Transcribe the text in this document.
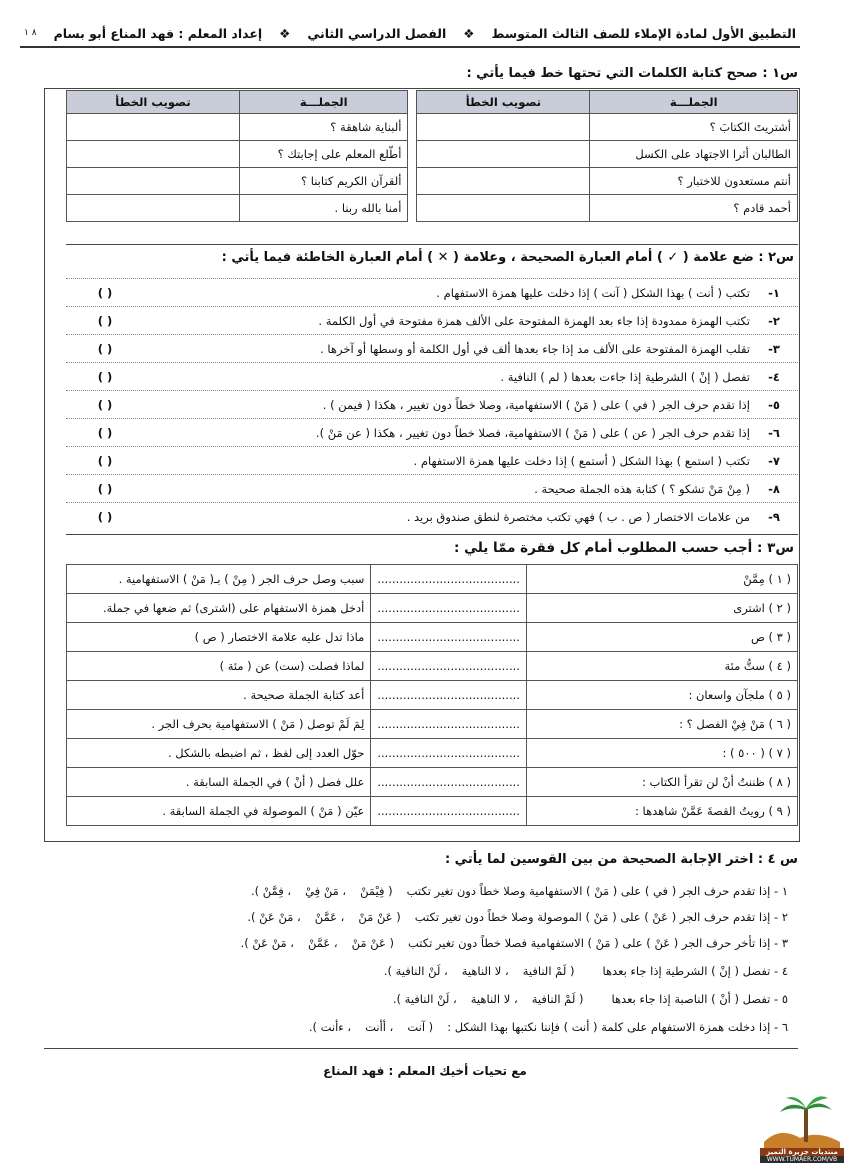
التطبيق الأول لمادة الإملاء للصف الثالث المتوسط
❖
الفصل الدراسي الثاني
❖
إعداد المعلم : فهد المناع أبو بسام
٨ ١
س١ : صحح كتابة الكلمات التي تحتها خط فيما يأتي :
الجملـــة	تصويب الخطأ		الجملـــة	تصويب الخطأ
أشتريتَ الكتابَ ؟			ألبناية شاهقة ؟	
الطالبان أثرا الاجتهاد على الكسل			أطّلع المعلم على إجابتك ؟	
أنتم مستعدون للاختبار ؟			ألقرآن الكريم كتابنا ؟	
أحمد قادم ؟			أمنا بالله ربنا .	
س٢ : ضع علامة ( ✓ ) أمام العبارة الصحيحة ، وعلامة ( ✕ ) أمام العبارة الخاطئة فيما يأتي :
١-
تكتب ( أنت ) بهذا الشكل ( آنت ) إذا دخلت عليها همزة الاستفهام .
( )
٢-
تكتب الهمزة ممدودة إذا جاء بعد الهمزة المفتوحة على الألف همزة مفتوحة في أول الكلمة .
( )
٣-
تقلب الهمزة المفتوحة على الألف مد إذا جاء بعدها ألف في أول الكلمة أو وسطها أو آخرها .
( )
٤-
تفصل ( إنْ ) الشرطية إذا جاءت بعدها ( لم ) النافية .
( )
٥-
إذا تقدم حرف الجر ( في ) على ( مَنْ ) الاستفهامية، وصلا خطاً دون تغيير ، هكذا ( فيمن ) .
( )
٦-
إذا تقدم حرف الجر ( عن ) على ( مَنْ ) الاستفهامية، فصلا خطاً دون تغيير ، هكذا ( عن مَنْ ).
( )
٧-
تكتب ( استمع ) بهذا الشكل ( أستمع ) إذا دخلت عليها همزة الاستفهام .
( )
٨-
( مِنْ مَنْ تشكو ؟ ) كتابة هذه الجملة صحيحة .
( )
٩-
من علامات الاختصار ( ص . ب ) فهي تكتب مختصرة لنطق صندوق بريد .
( )
س٣ : أجب حسب المطلوب أمام كل فقرة ممّا يلي :
( ١ ) مِمَّنْ	.......................................	سبب وصل حرف الجر ( مِنْ ) بـ( مَنْ ) الاستفهامية .
( ٢ ) اشترى	.......................................	أدخل همزة الاستفهام على (اشترى) ثم ضعها في جملة.
( ٣ ) ص	.......................................	ماذا تدل عليه علامة الاختصار ( ص )
( ٤ ) ستُّ مئة	.......................................	لماذا فصلت (ست) عن ( مئة )
( ٥ ) ملجآن واسعان :	.......................................	أعد كتابة الجملة صحيحة .
( ٦ ) مَنْ فِيْ الفصل ؟ :	.......................................	لِمَ لَمْ توصل ( مَنْ ) الاستفهامية بحرف الجر .
( ٧ ) ( ٥٠٠ ) :	.......................................	حوّل العدد إلى لفظ ، ثم اضبطه بالشكل .
( ٨ ) ظننتُ أنْ لن تقرأ الكتاب :	.......................................	علل فصل ( أنْ ) في الجملة السابقة .
( ٩ ) رويتُ القصةَ عَمَّنْ شاهدها :	.......................................	عيّن ( مَنْ ) الموصولة في الجملة السابقة .
س ٤ : اختر الإجابة الصحيحة من بين القوسين لما يأتي :
١ - إذا تقدم حرف الجر ( في ) على ( مَنْ ) الاستفهامية وصلا خطاً دون تغير تكتب
( فِيْمَنْ
، مَنْ فِيْ
، فِمَّنْ )
.
٢ - إذا تقدم حرف الجر ( عَنْ ) على ( مَنْ ) الموصولة وصلا خطاً دون تغير تكتب
( عَنْ مَنْ
، عَمَّنْ
، مَنْ عَنْ )
.
٣ - إذا تأخر حرف الجر ( عَنْ ) على ( مَنْ ) الاستفهامية فصلا خطاً دون تغير تكتب
( عَنْ مَنْ
، عَمَّنْ
، مَنْ عَنْ )
.
٤ - تفصل ( إنْ ) الشرطية إذا جاء بعدها
( لَمْ النافية
، لا الناهية
، لَنْ النافية )
.
٥ - تفصل ( أنْ ) الناصبة إذا جاء بعدها
( لَمْ النافية
، لا الناهية
، لَنْ النافية )
.
٦ - إذا دخلت همزة الاستفهام على كلمة ( أنت ) فإننا نكتبها بهذا الشكل :
( آنت
، أأنت
، ءأنت )
.
مع تحيات أخيك المعلم : فهد المناع
منتديات جزيرة التميز
WWW.TUMAER.COM/VB
